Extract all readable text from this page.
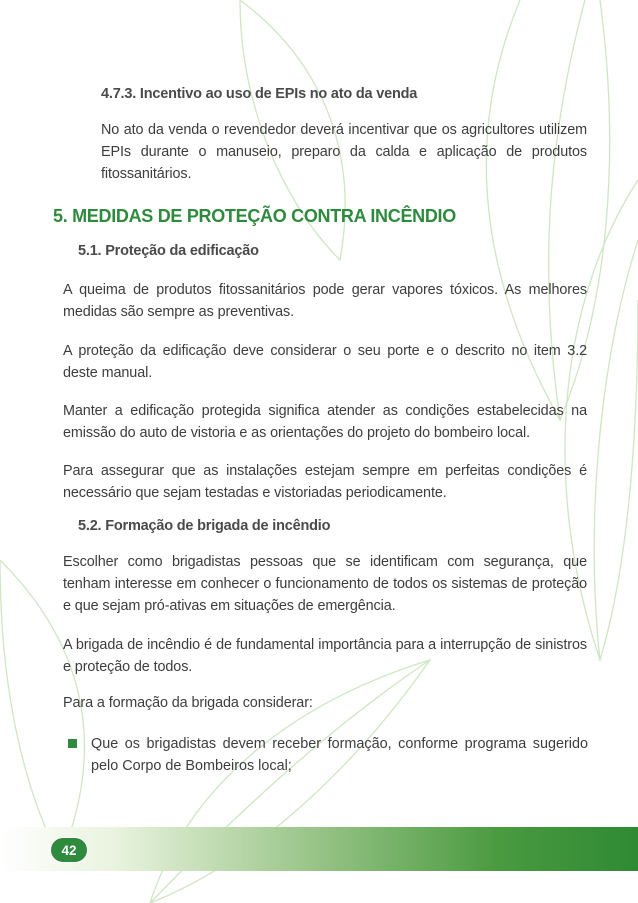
4.7.3. Incentivo ao uso de EPIs no ato da venda

No ato da venda o revendedor deverá incentivar que os agricultores utilizem EPIs durante o manuseio, preparo da calda e aplicação de produtos fitossanitários.

5. MEDIDAS DE PROTEÇÃO CONTRA INCÊNDIO
5.1. Proteção da edificação

A queima de produtos fitossanitários pode gerar vapores tóxicos. As melhores medidas são sempre as preventivas.

A proteção da edificação deve considerar o seu porte e o descrito no item 3.2 deste manual.

Manter a edificação protegida significa atender as condições estabelecidas na emissão do auto de vistoria e as orientações do projeto do bombeiro local.

Para assegurar que as instalações estejam sempre em perfeitas condições é necessário que sejam testadas e vistoriadas periodicamente.

5.2. Formação de brigada de incêndio

Escolher como brigadistas pessoas que se identificam com segurança, que tenham interesse em conhecer o funcionamento de todos os sistemas de proteção e que sejam pró-ativas em situações de emergência.

A brigada de incêndio é de fundamental importância para a interrupção de sinistros e proteção de todos.

Para a formação da brigada considerar:

Que os brigadistas devem receber formação, conforme programa sugerido pelo Corpo de Bombeiros local;
42
